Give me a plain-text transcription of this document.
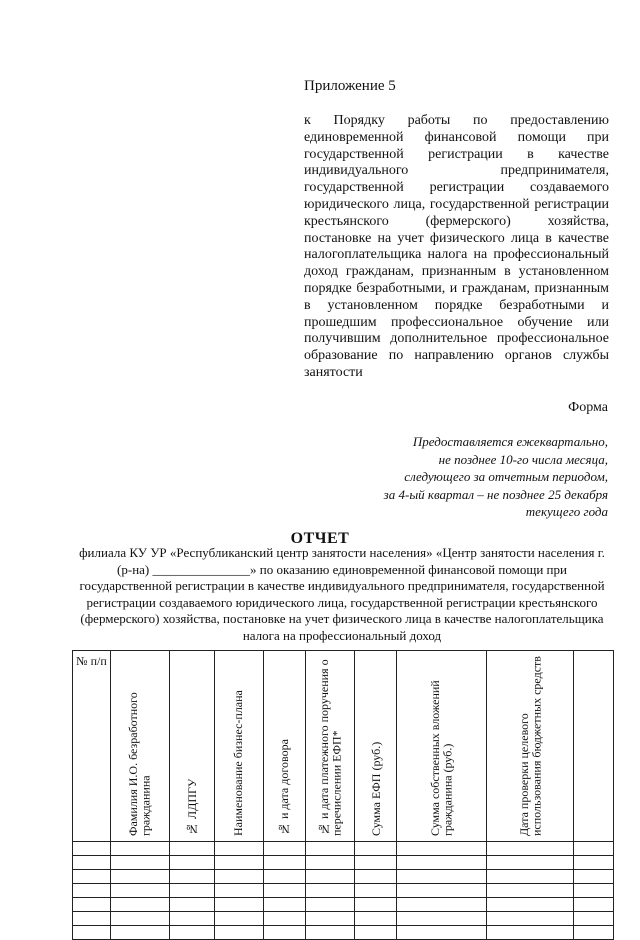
Приложение 5
к Порядку работы по предоставлению единовременной финансовой помощи при государственной регистрации в качестве индивидуального предпринимателя, государственной регистрации создаваемого юридического лица, государственной регистрации крестьянского (фермерского) хозяйства, постановке на учет физического лица в качестве налогоплательщика налога на профессиональный доход гражданам, признанным в установленном порядке безработными, и гражданам, признанным в установленном порядке безработными и прошедшим профессиональное обучение или получившим дополнительное профессиональное образование по направлению органов службы занятости
Форма
Предоставляется ежеквартально,
не позднее 10-го числа месяца,
следующего за отчетным периодом,
за 4-ый квартал – не позднее 25 декабря
текущего года
ОТЧЕТ
филиала КУ УР «Республиканский центр занятости населения» «Центр занятости населения г.(р-на) _______________» по оказанию единовременной финансовой помощи при государственной регистрации в качестве индивидуального предпринимателя, государственной регистрации создаваемого юридического лица, государственной регистрации крестьянского (фермерского) хозяйства, постановке на учет физического лица в качестве налогоплательщика налога на профессиональный доход
№ п/п	Фамилия И.О. безработного гражданина	№ ЛДПГУ	Наименование бизнес-плана	№ и дата договора	№ и дата платежного поручения о перечислении ЕФП*	Сумма ЕФП (руб.)	Сумма собственных вложений гражданина (руб.)	Дата проверки целевого использования бюджетных средств	
